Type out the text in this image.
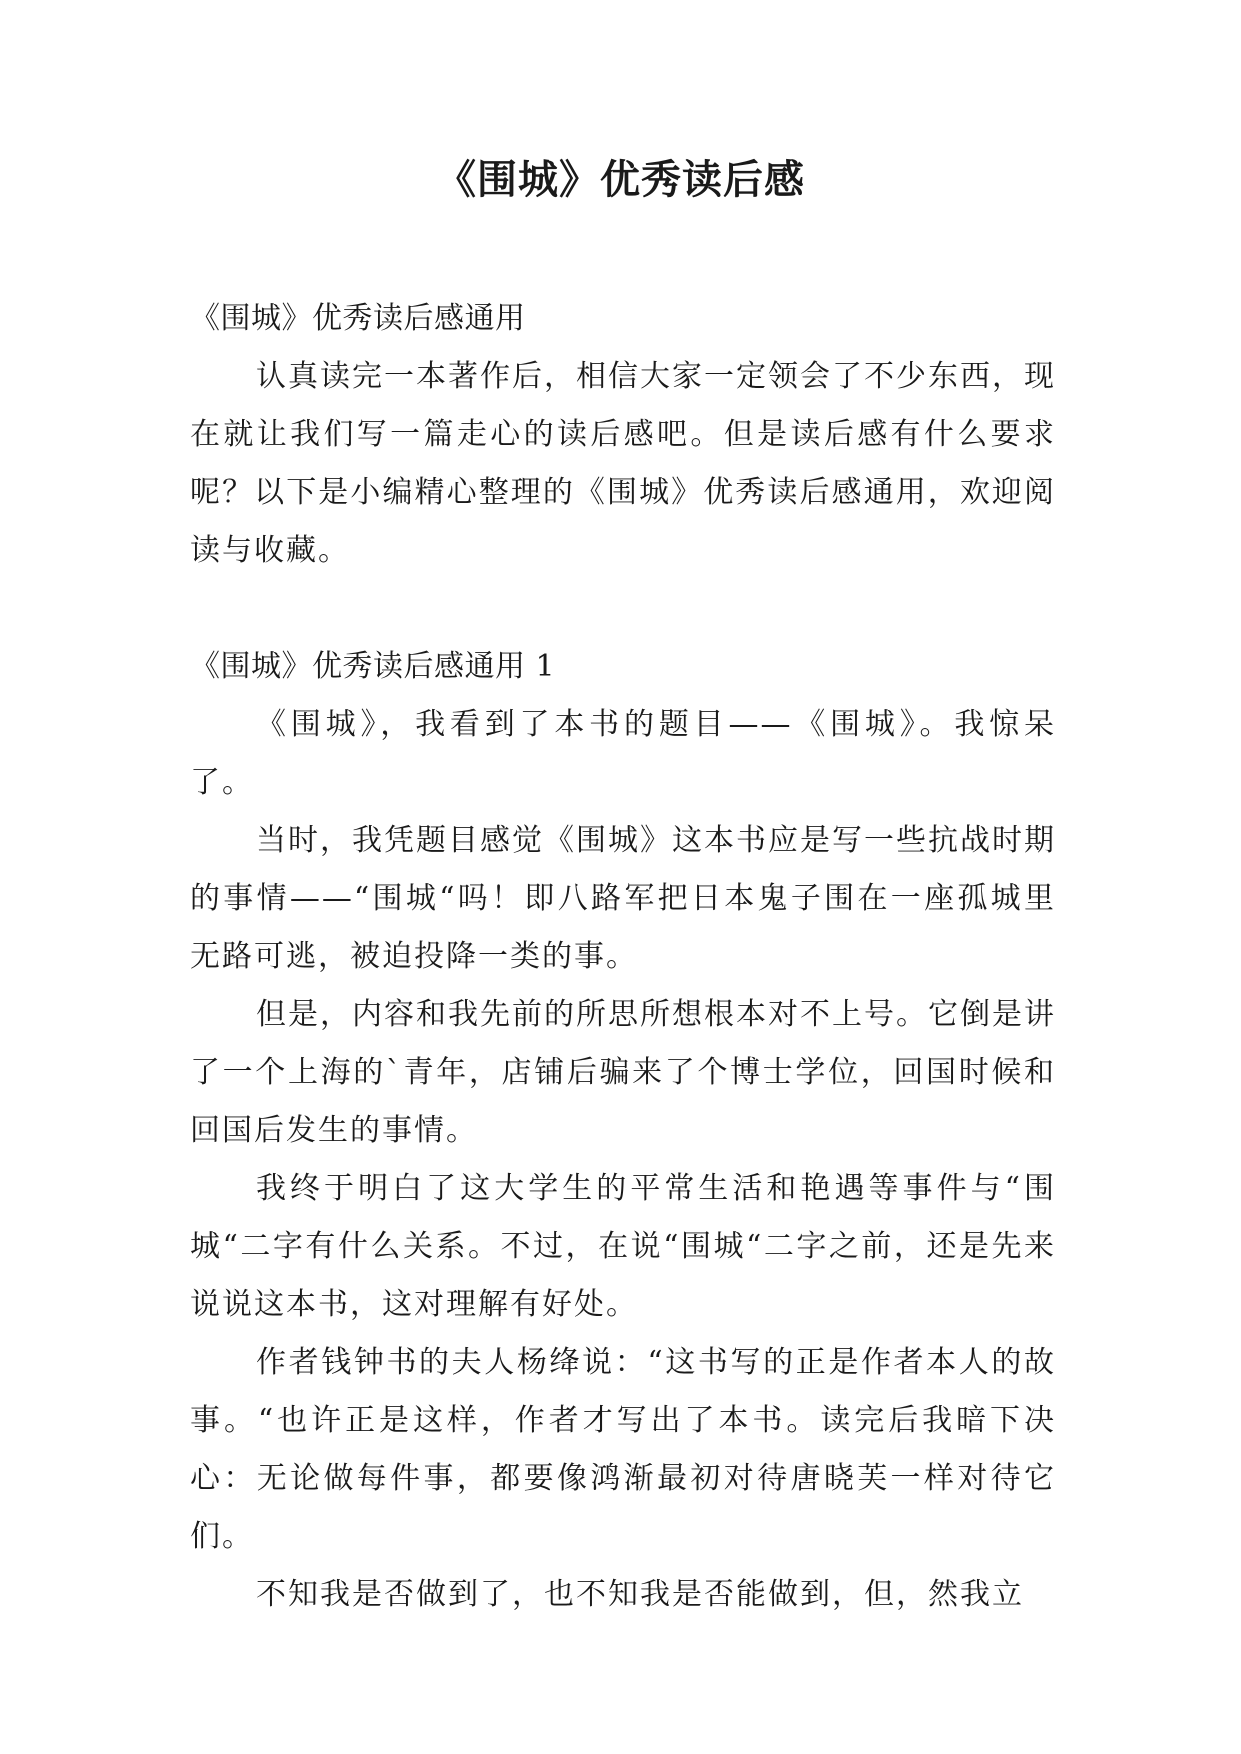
《围城》优秀读后感

《围城》优秀读后感通用

认真读完一本著作后，相信大家一定领会了不少东西，现在就让我们写一篇走心的读后感吧。但是读后感有什么要求呢？以下是小编精心整理的《围城》优秀读后感通用，欢迎阅读与收藏。

《围城》优秀读后感通用 1

《围城》，我看到了本书的题目——《围城》。我惊呆了。

当时，我凭题目感觉《围城》这本书应是写一些抗战时期的事情——“围城“吗！即八路军把日本鬼子围在一座孤城里无路可逃，被迫投降一类的事。

但是，内容和我先前的所思所想根本对不上号。它倒是讲了一个上海的`青年，店铺后骗来了个博士学位，回国时候和回国后发生的事情。

我终于明白了这大学生的平常生活和艳遇等事件与“围城“二字有什么关系。不过，在说“围城“二字之前，还是先来说说这本书，这对理解有好处。

作者钱钟书的夫人杨绛说：“这书写的正是作者本人的故事。“也许正是这样，作者才写出了本书。读完后我暗下决心：无论做每件事，都要像鸿渐最初对待唐晓芙一样对待它们。

不知我是否做到了，也不知我是否能做到，但，然我立
